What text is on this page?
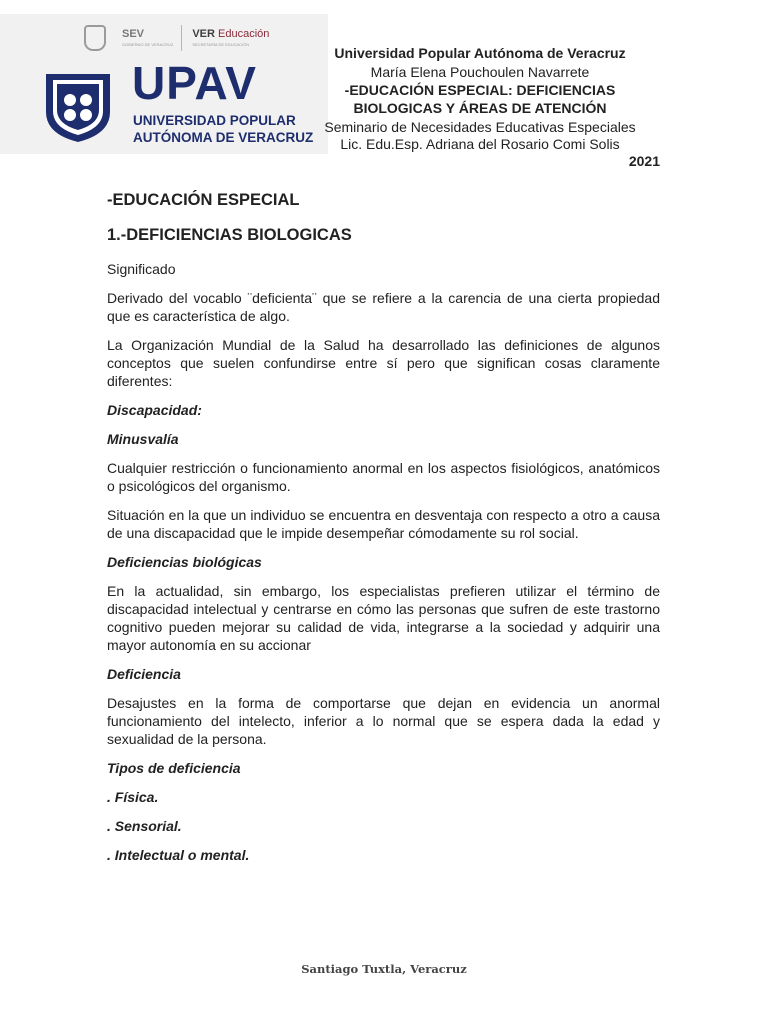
SEV
GOBIERNO DE VERACRUZ
VER Educación
SECRETARÍA DE EDUCACIÓN
UPAV
UNIVERSIDAD POPULAR
AUTÓNOMA DE VERACRUZ
Universidad Popular Autónoma de Veracruz
María Elena Pouchoulen Navarrete
-EDUCACIÓN ESPECIAL: DEFICIENCIAS
BIOLOGICAS Y ÁREAS DE ATENCIÓN
Seminario de Necesidades Educativas Especiales
Lic. Edu.Esp. Adriana del Rosario Comi Solis
2021
-EDUCACIÓN ESPECIAL
1.-DEFICIENCIAS BIOLOGICAS
Significado
Derivado del vocablo ¨deficienta¨ que se refiere a la carencia de una cierta propiedad que es característica de algo.
La Organización Mundial de la Salud ha desarrollado las definiciones de algunos conceptos que suelen confundirse entre sí pero que significan cosas claramente diferentes:
Discapacidad:
Minusvalía
Cualquier restricción o funcionamiento anormal en los aspectos fisiológicos, anatómicos o psicológicos del organismo.
Situación en la que un individuo se encuentra en desventaja con respecto a otro a causa de una discapacidad que le impide desempeñar cómodamente su rol social.
Deficiencias biológicas
En la actualidad, sin embargo, los especialistas prefieren utilizar el término de discapacidad intelectual y centrarse en cómo las personas que sufren de este trastorno cognitivo pueden mejorar su calidad de vida, integrarse a la sociedad y adquirir una mayor autonomía en su accionar
Deficiencia
Desajustes en la forma de comportarse que dejan en evidencia un anormal funcionamiento del intelecto, inferior a lo normal que se espera dada la edad y sexualidad de la persona.
Tipos de deficiencia
. Física.
. Sensorial.
. Intelectual o mental.
Santiago Tuxtla, Veracruz
